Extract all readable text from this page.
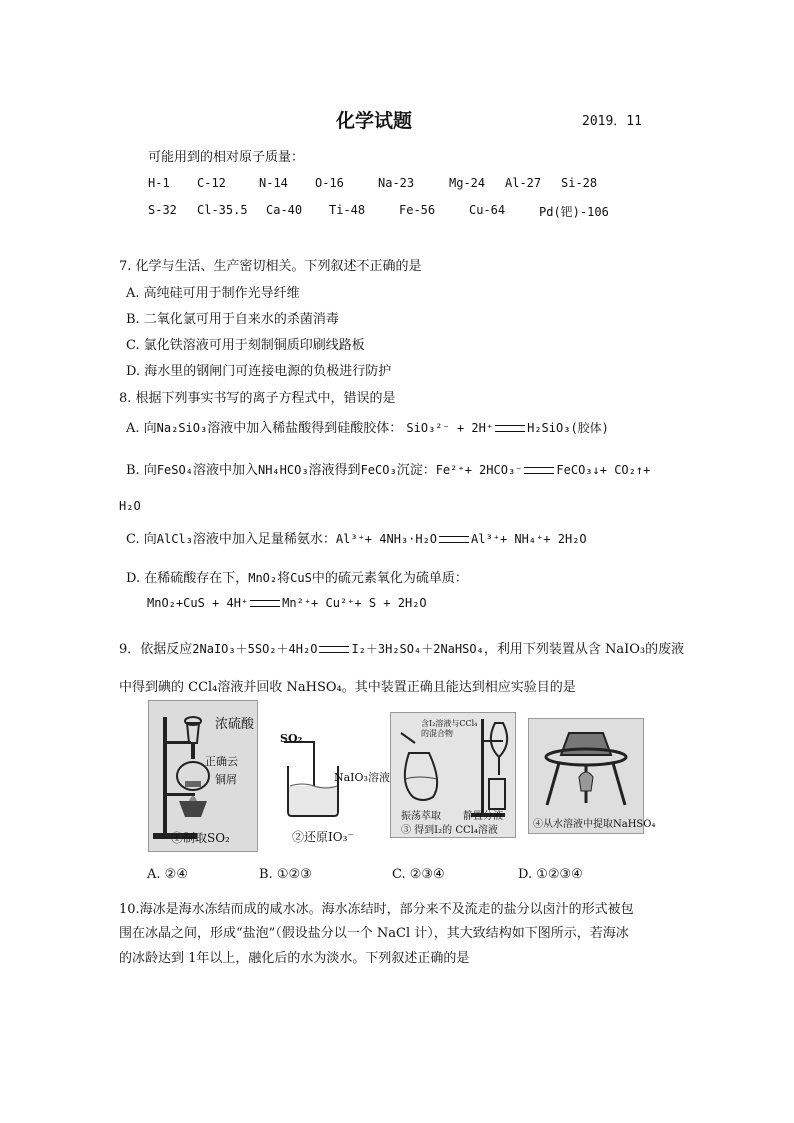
化学试题	2019．11
可能用到的相对原子质量：
H-1 C-12	N-14 O-16	Na-23	Mg-24 Al-27 Si-28
S-32 Cl-35.5 Ca-40 Ti-48	Fe-56	Cu-64	Pd(钯)-106
7. 化学与生活、生产密切相关。下列叙述不正确的是
A. 高纯硅可用于制作光导纤维
B. 二氧化氯可用于自来水的杀菌消毒
C. 氯化铁溶液可用于刻制铜质印刷线路板
D. 海水里的钢闸门可连接电源的负极进行防护
8. 根据下列事实书写的离子方程式中，错误的是
A. 向Na₂SiO₃溶液中加入稀盐酸得到硅酸胶体： SiO₃²⁻ + 2H⁺	H₂SiO₃(胶体)
B. 向FeSO₄溶液中加入NH₄HCO₃溶液得到FeCO₃沉淀：Fe²⁺+ 2HCO₃⁻	FeCO₃↓+ CO₂↑+
H₂O
C. 向AlCl₃溶液中加入足量稀氨水：Al³⁺+ 4NH₃·H₂O	Al³⁺+ NH₄⁺+ 2H₂O
D. 在稀硫酸存在下，MnO₂将CuS中的硫元素氧化为硫单质：
MnO₂+CuS + 4H⁺	Mn²⁺+ Cu²⁺+ S + 2H₂O
9．依据反应2NaIO₃＋5SO₂＋4H₂O	I₂＋3H₂SO₄＋2NaHSO₄，利用下列装置从含 NaIO₃的废液
中得到碘的 CCl₄溶液并回收 NaHSO₄。其中装置正确且能达到相应实验目的是
浓硫酸
正确云
铜屑
①制取SO₂
SO₂
NaIO₃溶液
②还原IO₃⁻
含I₂溶液与CCl₄的混合物
振荡萃取 静置分液
③ 得到I₂的 CCl₄溶液
④从水溶液中提取NaHSO₄
A. ②④	B. ①②③	C. ②③④	D. ①②③④
10.海冰是海水冻结而成的咸水冰。海水冻结时，部分来不及流走的盐分以卤汁的形式被包
围在冰晶之间，形成“盐泡”（假设盐分以一个 NaCl 计），其大致结构如下图所示，若海冰
的冰龄达到 1年以上，融化后的水为淡水。下列叙述正确的是
